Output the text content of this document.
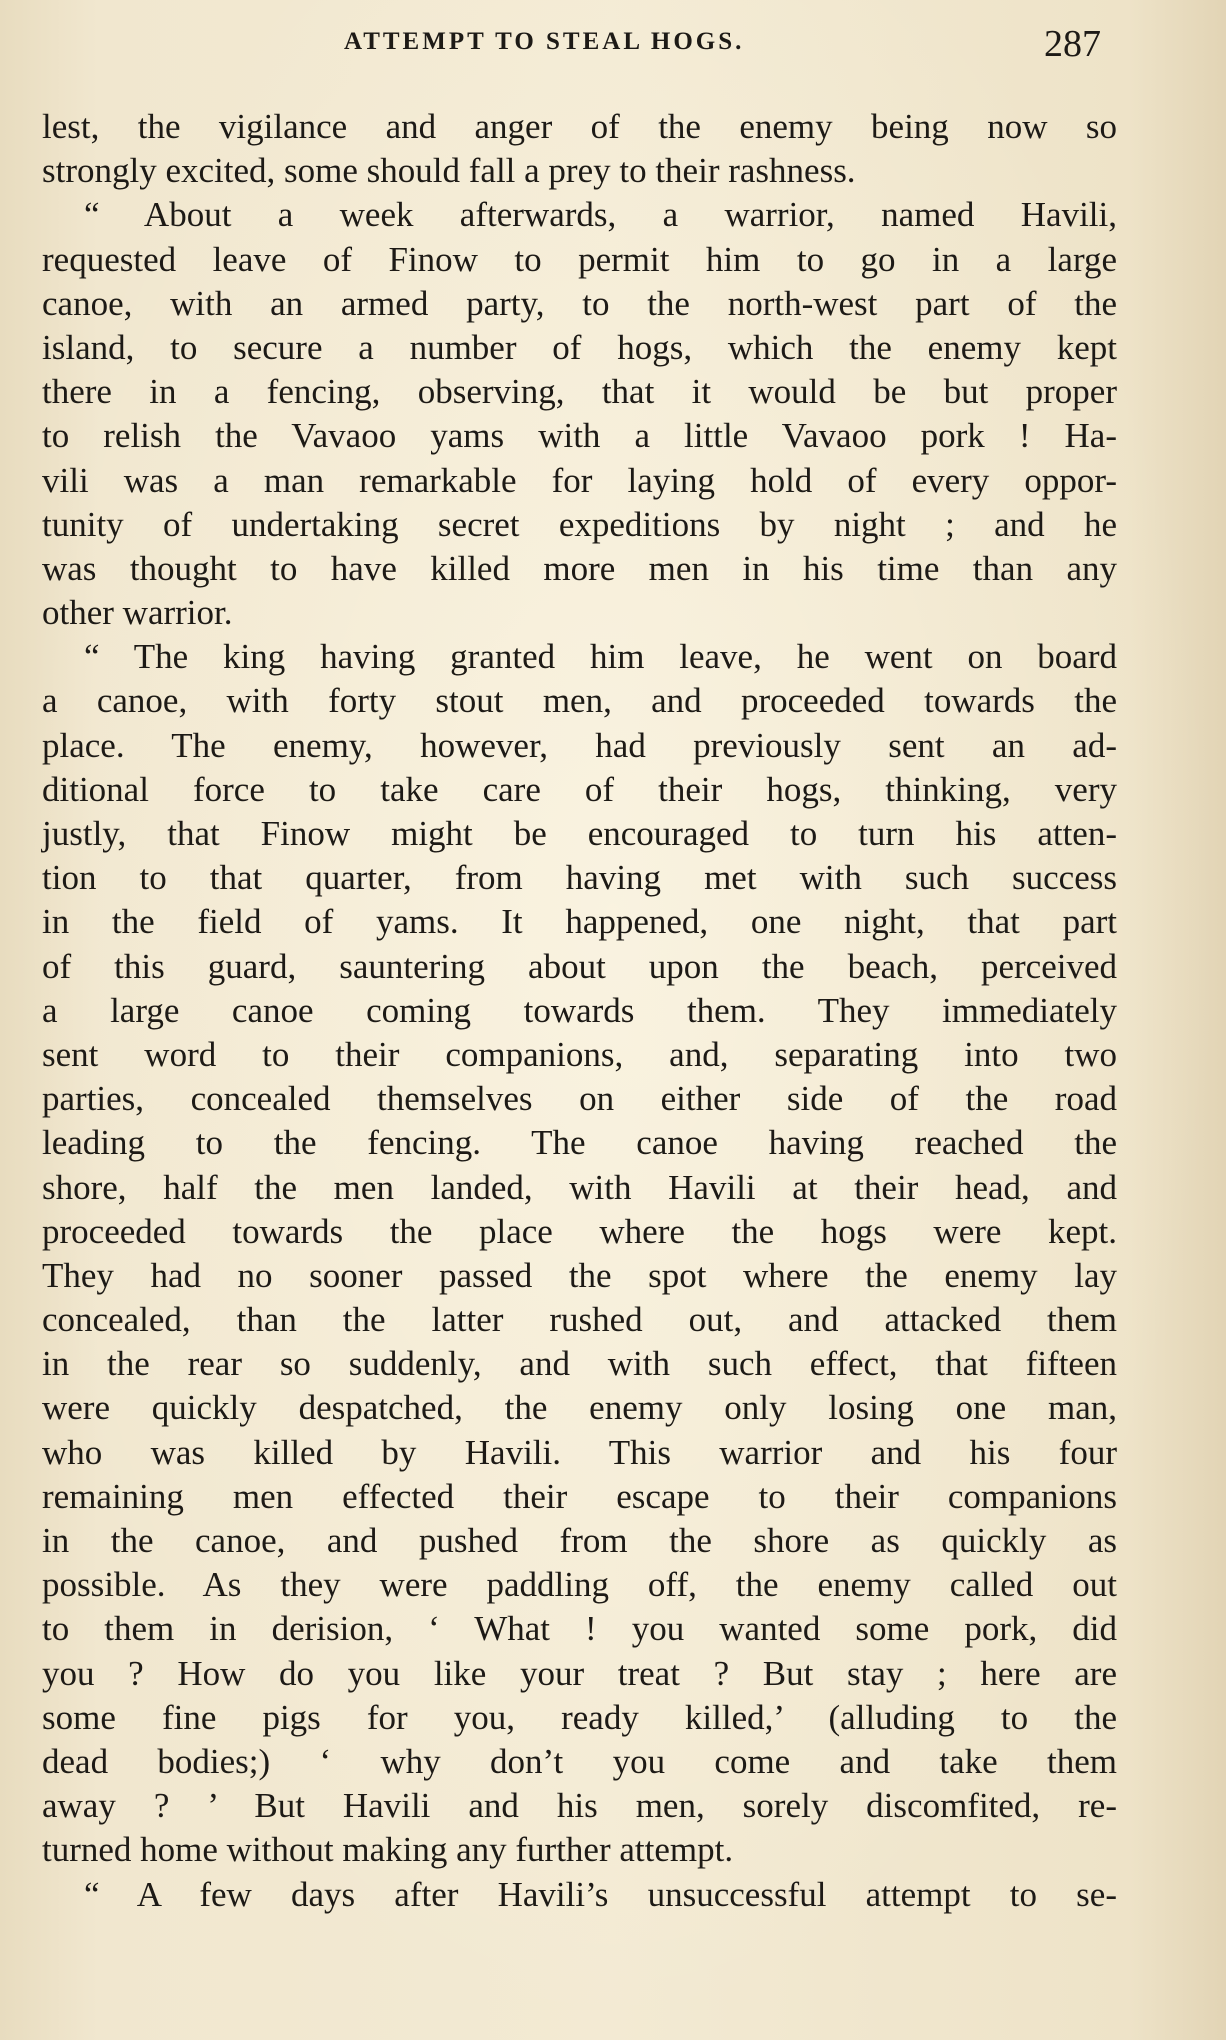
ATTEMPT TO STEAL HOGS.	287
lest, the vigilance and anger of the enemy being now so
strongly excited, some should fall a prey to their rashness.
“ About a week afterwards, a warrior, named Havili,
requested leave of Finow to permit him to go in a large
canoe, with an armed party, to the north-west part of the
island, to secure a number of hogs, which the enemy kept
there in a fencing, observing, that it would be but proper
to relish the Vavaoo yams with a little Vavaoo pork ! Ha-
vili was a man remarkable for laying hold of every oppor-
tunity of undertaking secret expeditions by night ; and he
was thought to have killed more men in his time than any
other warrior.
“ The king having granted him leave, he went on board
a canoe, with forty stout men, and proceeded towards the
place. The enemy, however, had previously sent an ad-
ditional force to take care of their hogs, thinking, very
justly, that Finow might be encouraged to turn his atten-
tion to that quarter, from having met with such success
in the field of yams. It happened, one night, that part
of this guard, sauntering about upon the beach, perceived
a large canoe coming towards them. They immediately
sent word to their companions, and, separating into two
parties, concealed themselves on either side of the road
leading to the fencing. The canoe having reached the
shore, half the men landed, with Havili at their head, and
proceeded towards the place where the hogs were kept.
They had no sooner passed the spot where the enemy lay
concealed, than the latter rushed out, and attacked them
in the rear so suddenly, and with such effect, that fifteen
were quickly despatched, the enemy only losing one man,
who was killed by Havili. This warrior and his four
remaining men effected their escape to their companions
in the canoe, and pushed from the shore as quickly as
possible. As they were paddling off, the enemy called out
to them in derision, ‘ What ! you wanted some pork, did
you ? How do you like your treat ? But stay ; here are
some fine pigs for you, ready killed,’ (alluding to the
dead bodies;) ‘ why don’t you come and take them
away ? ’ But Havili and his men, sorely discomfited, re-
turned home without making any further attempt.
“ A few days after Havili’s unsuccessful attempt to se-
